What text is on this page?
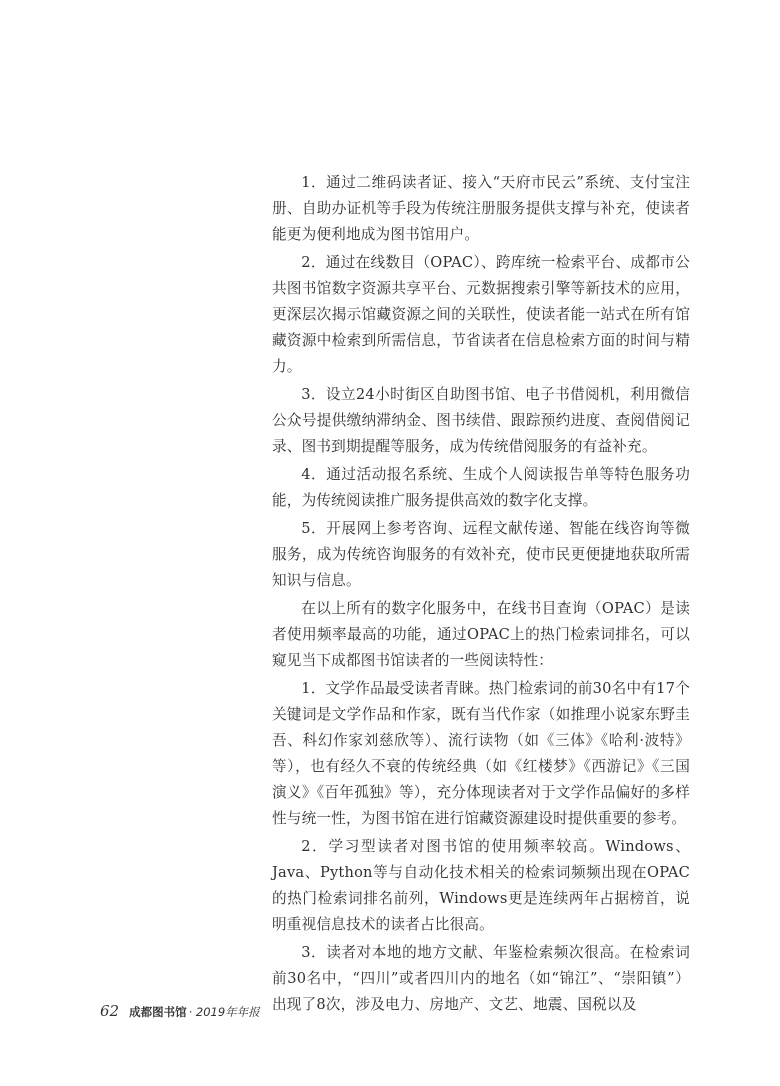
1．通过二维码读者证、接入“天府市民云”系统、支付宝注册、自助办证机等手段为传统注册服务提供支撑与补充，使读者能更为便利地成为图书馆用户。

2．通过在线数目（OPAC）、跨库统一检索平台、成都市公共图书馆数字资源共享平台、元数据搜索引擎等新技术的应用，更深层次揭示馆藏资源之间的关联性，使读者能一站式在所有馆藏资源中检索到所需信息，节省读者在信息检索方面的时间与精力。

3．设立24小时街区自助图书馆、电子书借阅机，利用微信公众号提供缴纳滞纳金、图书续借、跟踪预约进度、查阅借阅记录、图书到期提醒等服务，成为传统借阅服务的有益补充。

4．通过活动报名系统、生成个人阅读报告单等特色服务功能，为传统阅读推广服务提供高效的数字化支撑。

5．开展网上参考咨询、远程文献传递、智能在线咨询等微服务，成为传统咨询服务的有效补充，使市民更便捷地获取所需知识与信息。

在以上所有的数字化服务中，在线书目查询（OPAC）是读者使用频率最高的功能，通过OPAC上的热门检索词排名，可以窥见当下成都图书馆读者的一些阅读特性：

1．文学作品最受读者青睐。热门检索词的前30名中有17个关键词是文学作品和作家，既有当代作家（如推理小说家东野圭吾、科幻作家刘慈欣等）、流行读物（如《三体》《哈利·波特》等），也有经久不衰的传统经典（如《红楼梦》《西游记》《三国演义》《百年孤独》等），充分体现读者对于文学作品偏好的多样性与统一性，为图书馆在进行馆藏资源建设时提供重要的参考。

2．学习型读者对图书馆的使用频率较高。Windows、Java、Python等与自动化技术相关的检索词频频出现在OPAC的热门检索词排名前列，Windows更是连续两年占据榜首，说明重视信息技术的读者占比很高。

3．读者对本地的地方文献、年鉴检索频次很高。在检索词前30名中，“四川”或者四川内的地名（如“锦江”、“崇阳镇”）出现了8次，涉及电力、房地产、文艺、地震、国税以及

62 成都图书馆 · 2019年年报
